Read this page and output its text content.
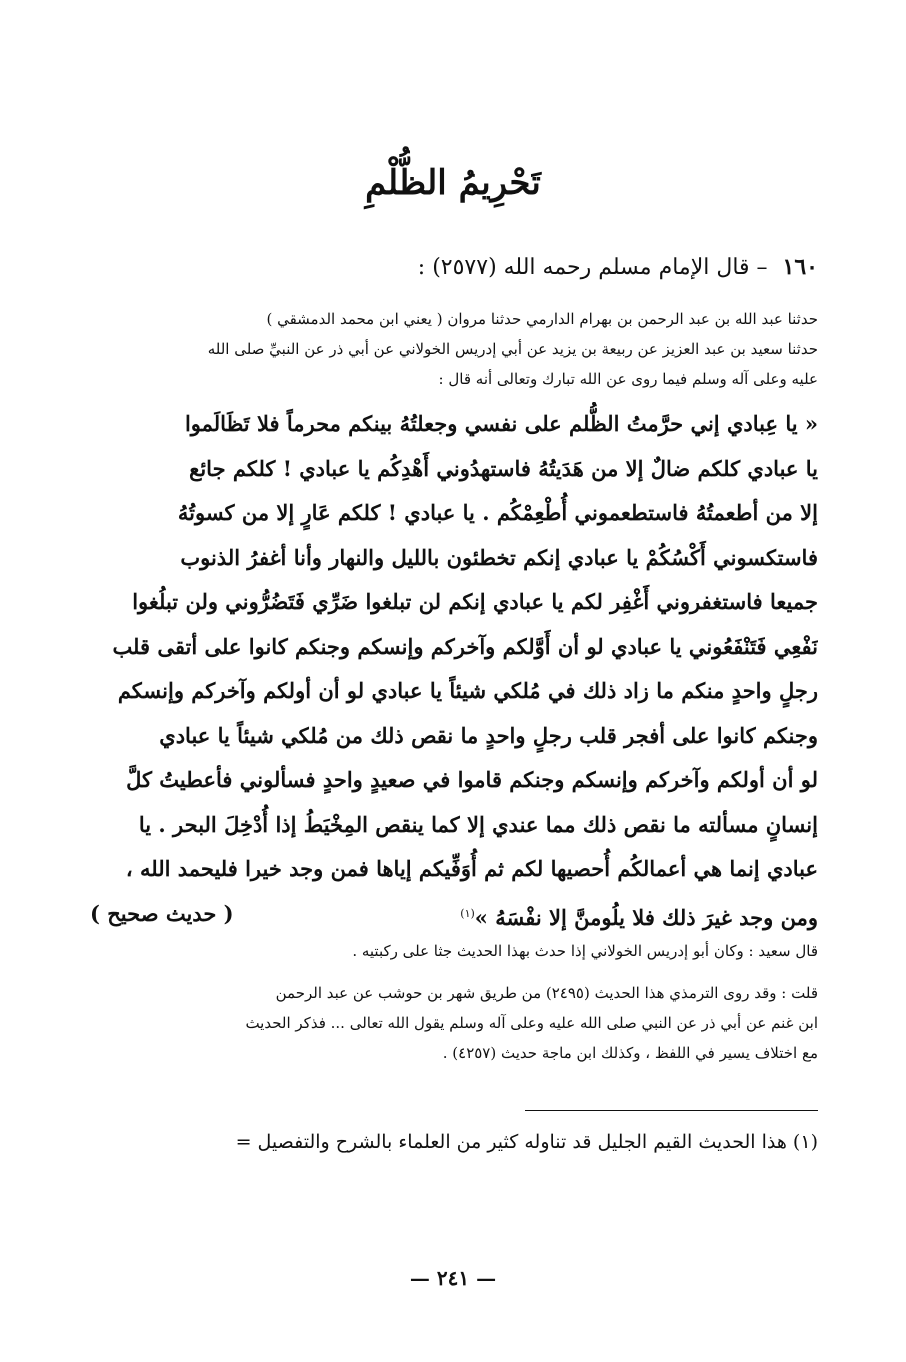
تَحْرِيمُ الظُّلْمِ
١٦٠ – قال الإمام مسلم رحمه الله (٢٥٧٧) :
حدثنا عبد الله بن عبد الرحمن بن بهرام الدارمي حدثنا مروان ( يعني ابن محمد الدمشقي )
حدثنا سعيد بن عبد العزيز عن ربيعة بن يزيد عن أبي إدريس الخولاني عن أبي ذر عن النبيِّ صلى الله
عليه وعلى آله وسلم فيما روى عن الله تبارك وتعالى أنه قال :
« يا عِبادي إني حرَّمتُ الظُّلم على نفسي وجعلتُهُ بينكم محرماً فلا تَظَالَموا
يا عبادي كلكم ضالٌ إلا من هَدَيتُهُ فاستهدُوني أَهْدِكُم يا عبادي ! كلكم جائع
إلا من أطعمتُهُ فاستطعموني أُطْعِمْكُم . يا عبادي ! كلكم عَارٍ إلا من كسوتُهُ
فاستكسوني أَكْسُكُمْ يا عبادي إنكم تخطئون بالليل والنهار وأنا أغفرُ الذنوب
جميعا فاستغفروني أَغْفِر لكم يا عبادي إنكم لن تبلغوا ضَرِّي فَتَضُرُّوني ولن تبلُغوا
نَفْعِي فَتَنْفَعُوني يا عبادي لو أن أَوَّلكم وآخركم وإنسكم وجنكم كانوا على أتقى قلب
رجلٍ واحدٍ منكم ما زاد ذلك في مُلكي شيئاً يا عبادي لو أن أولكم وآخركم وإنسكم
وجنكم كانوا على أفجر قلب رجلٍ واحدٍ ما نقص ذلك من مُلكي شيئاً يا عبادي
لو أن أولكم وآخركم وإنسكم وجنكم قاموا في صعيدٍ واحدٍ فسألوني فأعطيتُ كلَّ
إنسانٍ مسألته ما نقص ذلك مما عندي إلا كما ينقص المِخْيَطُ إذا أُدْخِلَ البحر . يا
عبادي إنما هي أعمالكُم أُحصيها لكم ثم أُوَفِّيكم إياها فمن وجد خيرا فليحمد الله ،
ومن وجد غيرَ ذلك فلا يلُومنَّ إلا نفْسَهُ »$^{(١)}$
( حديث صحيح )
قال سعيد : وكان أبو إدريس الخولاني إذا حدث بهذا الحديث جثا على ركبتيه .
قلت : وقد روى الترمذي هذا الحديث (٢٤٩٥) من طريق شهر بن حوشب عن عبد الرحمن
ابن غنم عن أبي ذر عن النبي صلى الله عليه وعلى آله وسلم يقول الله تعالى ... فذكر الحديث
مع اختلاف يسير في اللفظ ، وكذلك ابن ماجة حديث (٤٢٥٧) .
(١) هذا الحديث القيم الجليل قد تناوله كثير من العلماء بالشرح والتفصيل =
— ٢٤١ —
